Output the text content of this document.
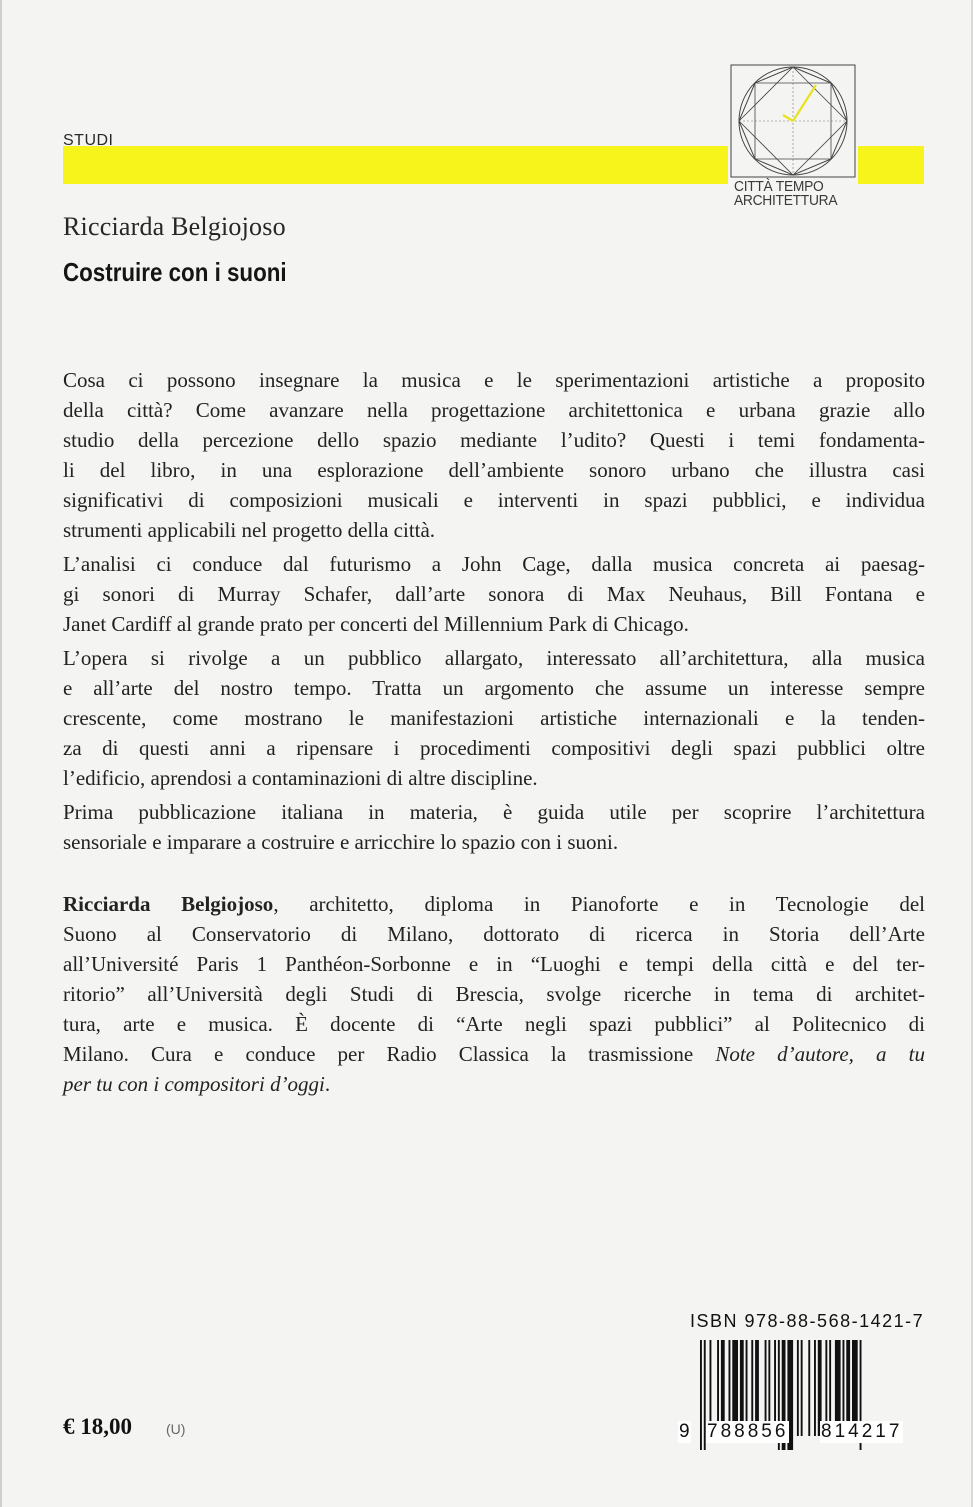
STUDI
CITTÀ TEMPO
ARCHITETTURA
Ricciarda Belgiojoso
Costruire con i suoni
Cosa ci possono insegnare la musica e le sperimentazioni artistiche a proposito
della città? Come avanzare nella progettazione architettonica e urbana grazie allo
studio della percezione dello spazio mediante l’udito? Questi i temi fondamenta-
li del libro, in una esplorazione dell’ambiente sonoro urbano che illustra casi
significativi di composizioni musicali e interventi in spazi pubblici, e individua
strumenti applicabili nel progetto della città.
L’analisi ci conduce dal futurismo a John Cage, dalla musica concreta ai paesag-
gi sonori di Murray Schafer, dall’arte sonora di Max Neuhaus, Bill Fontana e
Janet Cardiff al grande prato per concerti del Millennium Park di Chicago.
L’opera si rivolge a un pubblico allargato, interessato all’architettura, alla musica
e all’arte del nostro tempo. Tratta un argomento che assume un interesse sempre
crescente, come mostrano le manifestazioni artistiche internazionali e la tenden-
za di questi anni a ripensare i procedimenti compositivi degli spazi pubblici oltre
l’edificio, aprendosi a contaminazioni di altre discipline.
Prima pubblicazione italiana in materia, è guida utile per scoprire l’architettura
sensoriale e imparare a costruire e arricchire lo spazio con i suoni.
Ricciarda Belgiojoso, architetto, diploma in Pianoforte e in Tecnologie del
Suono al Conservatorio di Milano, dottorato di ricerca in Storia dell’Arte
all’Université Paris 1 Panthéon-Sorbonne e in “Luoghi e tempi della città e del ter-
ritorio” all’Università degli Studi di Brescia, svolge ricerche in tema di architet-
tura, arte e musica. È docente di “Arte negli spazi pubblici” al Politecnico di
Milano. Cura e conduce per Radio Classica la trasmissione Note d’autore, a tu
per tu con i compositori d’oggi.
ISBN 978-88-568-1421-7
9 788856 814217
€ 18,00 (U)
